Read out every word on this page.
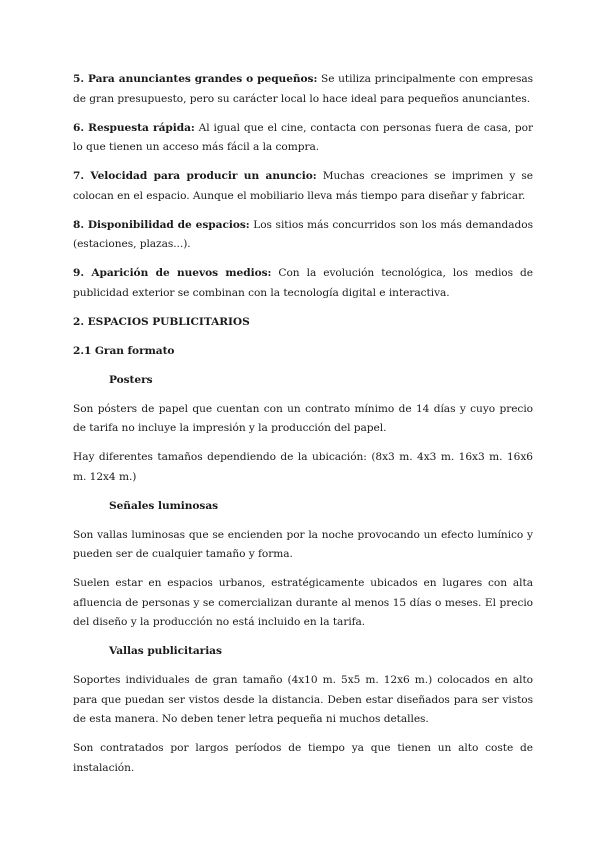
5. Para anunciantes grandes o pequeños: Se utiliza principalmente con empresas de gran presupuesto, pero su carácter local lo hace ideal para pequeños anunciantes.

6. Respuesta rápida: Al igual que el cine, contacta con personas fuera de casa, por lo que tienen un acceso más fácil a la compra.

7. Velocidad para producir un anuncio: Muchas creaciones se imprimen y se colocan en el espacio. Aunque el mobiliario lleva más tiempo para diseñar y fabricar.

8. Disponibilidad de espacios: Los sitios más concurridos son los más demandados (estaciones, plazas...).

9. Aparición de nuevos medios: Con la evolución tecnológica, los medios de publicidad exterior se combinan con la tecnología digital e interactiva.

2. ESPACIOS PUBLICITARIOS
2.1 Gran formato
Posters

Son pósters de papel que cuentan con un contrato mínimo de 14 días y cuyo precio de tarifa no incluye la impresión y la producción del papel.

Hay diferentes tamaños dependiendo de la ubicación: (8x3 m. 4x3 m. 16x3 m. 16x6 m. 12x4 m.)

Señales luminosas

Son vallas luminosas que se encienden por la noche provocando un efecto lumínico y pueden ser de cualquier tamaño y forma.

Suelen estar en espacios urbanos, estratégicamente ubicados en lugares con alta afluencia de personas y se comercializan durante al menos 15 días o meses. El precio del diseño y la producción no está incluido en la tarifa.

Vallas publicitarias

Soportes individuales de gran tamaño (4x10 m. 5x5 m. 12x6 m.) colocados en alto para que puedan ser vistos desde la distancia. Deben estar diseñados para ser vistos de esta manera. No deben tener letra pequeña ni muchos detalles.

Son contratados por largos períodos de tiempo ya que tienen un alto coste de instalación.
